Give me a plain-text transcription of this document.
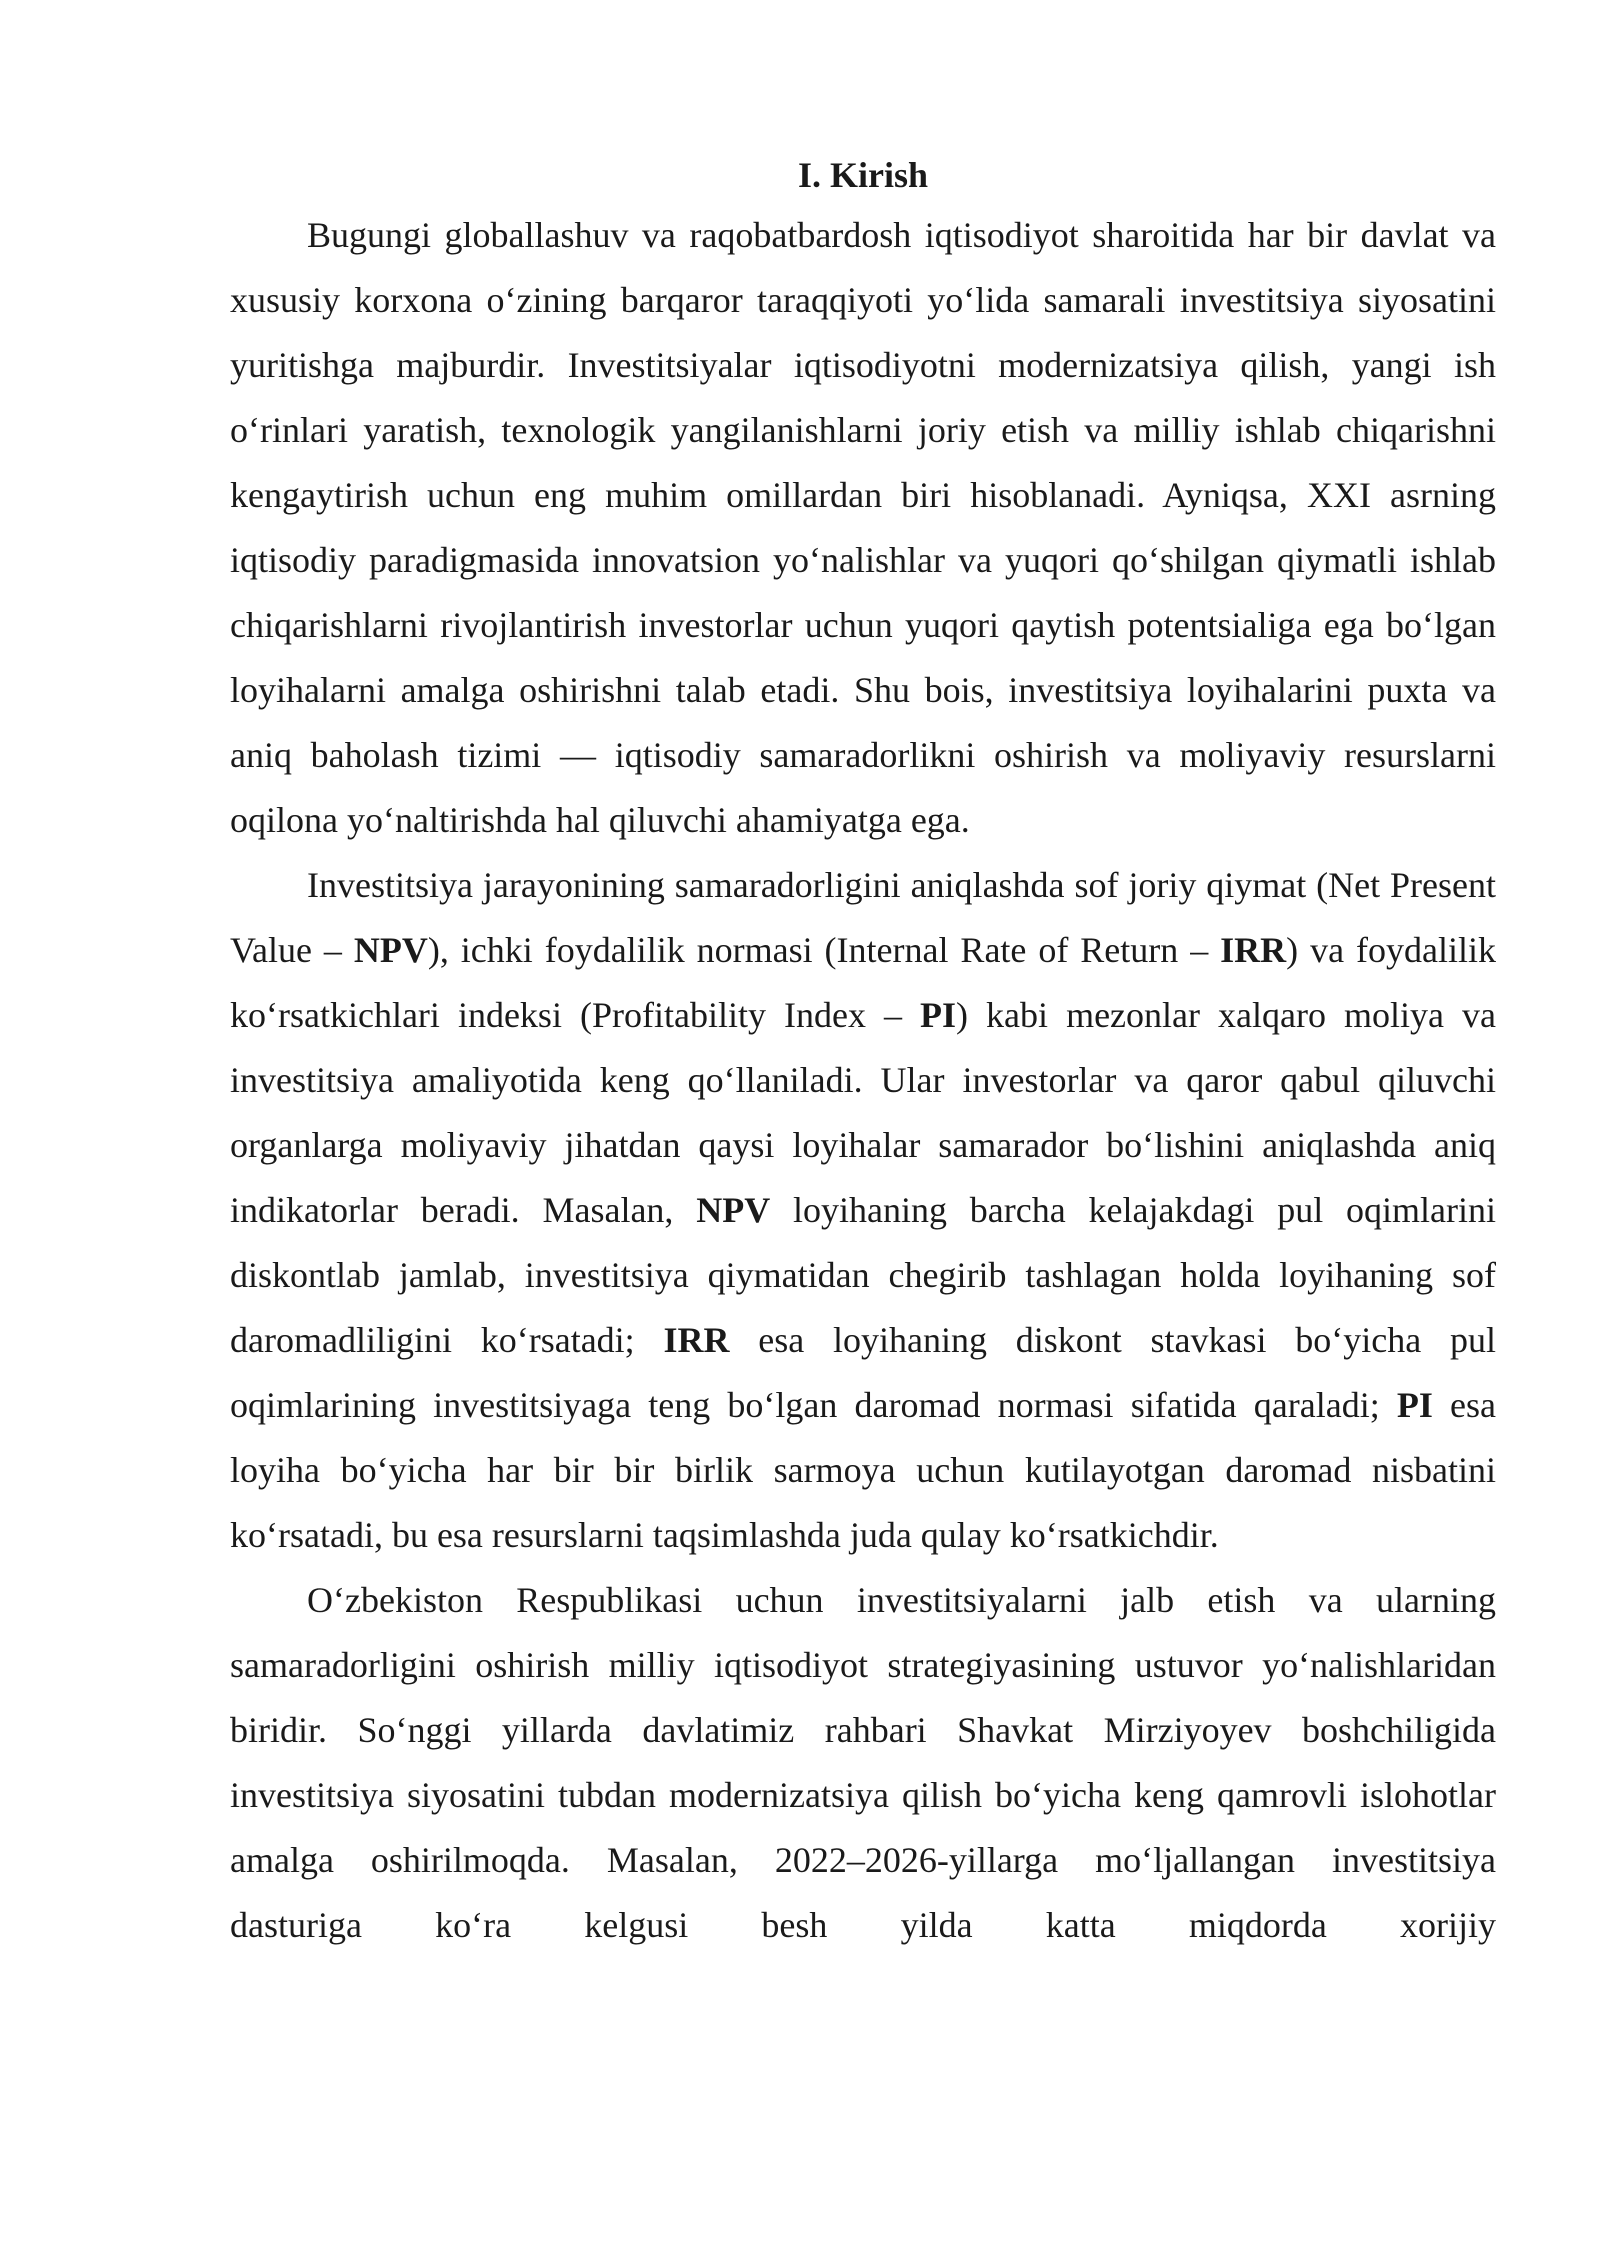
I. Kirish

Bugungi globallashuv va raqobatbardosh iqtisodiyot sharoitida har bir davlat va xususiy korxona o‘zining barqaror taraqqiyoti yo‘lida samarali investitsiya siyosatini yuritishga majburdir. Investitsiyalar iqtisodiyotni modernizatsiya qilish, yangi ish o‘rinlari yaratish, texnologik yangilanishlarni joriy etish va milliy ishlab chiqarishni kengaytirish uchun eng muhim omillardan biri hisoblanadi. Ayniqsa, XXI asrning iqtisodiy paradigmasida innovatsion yo‘nalishlar va yuqori qo‘shilgan qiymatli ishlab chiqarishlarni rivojlantirish investorlar uchun yuqori qaytish potentsialiga ega bo‘lgan loyihalarni amalga oshirishni talab etadi. Shu bois, investitsiya loyihalarini puxta va aniq baholash tizimi — iqtisodiy samaradorlikni oshirish va moliyaviy resurslarni oqilona yo‘naltirishda hal qiluvchi ahamiyatga ega.

Investitsiya jarayonining samaradorligini aniqlashda sof joriy qiymat (Net Present Value – NPV), ichki foydalilik normasi (Internal Rate of Return – IRR) va foydalilik ko‘rsatkichlari indeksi (Profitability Index – PI) kabi mezonlar xalqaro moliya va investitsiya amaliyotida keng qo‘llaniladi. Ular investorlar va qaror qabul qiluvchi organlarga moliyaviy jihatdan qaysi loyihalar samarador bo‘lishini aniqlashda aniq indikatorlar beradi. Masalan, NPV loyihaning barcha kelajakdagi pul oqimlarini diskontlab jamlab, investitsiya qiymatidan chegirib tashlagan holda loyihaning sof daromadliligini ko‘rsatadi; IRR esa loyihaning diskont stavkasi bo‘yicha pul oqimlarining investitsiyaga teng bo‘lgan daromad normasi sifatida qaraladi; PI esa loyiha bo‘yicha har bir bir birlik sarmoya uchun kutilayotgan daromad nisbatini ko‘rsatadi, bu esa resurslarni taqsimlashda juda qulay ko‘rsatkichdir.

O‘zbekiston Respublikasi uchun investitsiyalarni jalb etish va ularning samaradorligini oshirish milliy iqtisodiyot strategiyasining ustuvor yo‘nalishlaridan biridir. So‘nggi yillarda davlatimiz rahbari Shavkat Mirziyoyev boshchiligida investitsiya siyosatini tubdan modernizatsiya qilish bo‘yicha keng qamrovli islohotlar amalga oshirilmoqda. Masalan, 2022–2026-yillarga mo‘ljallangan investitsiya dasturiga ko‘ra kelgusi besh yilda katta miqdorda xorijiy
